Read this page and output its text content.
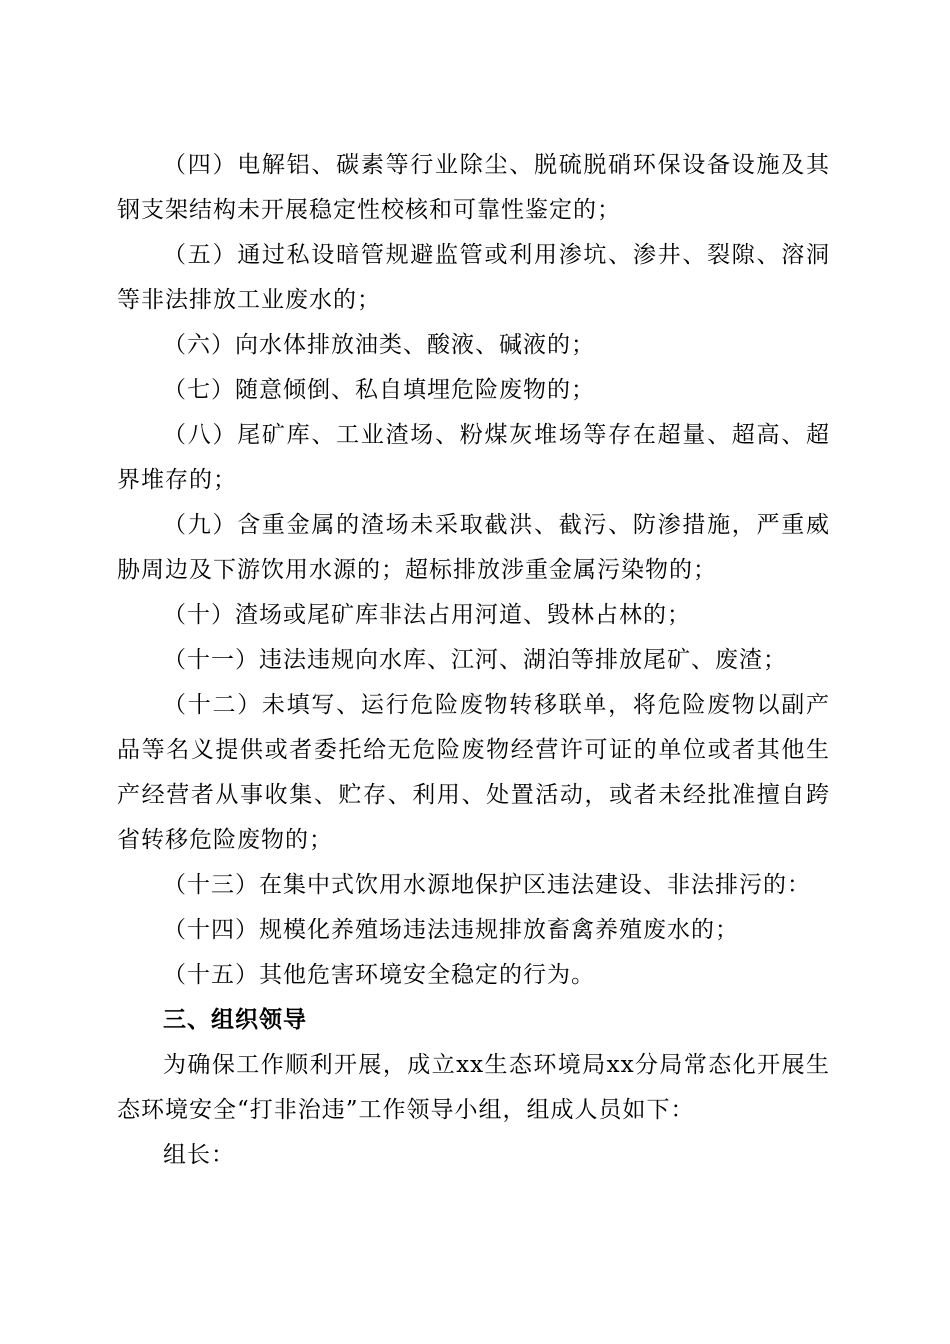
（四）电解铝、碳素等行业除尘、脱硫脱硝环保设备设施及其钢支架结构未开展稳定性校核和可靠性鉴定的；

（五）通过私设暗管规避监管或利用渗坑、渗井、裂隙、溶洞等非法排放工业废水的；

（六）向水体排放油类、酸液、碱液的；

（七）随意倾倒、私自填埋危险废物的；

（八）尾矿库、工业渣场、粉煤灰堆场等存在超量、超高、超界堆存的；

（九）含重金属的渣场未采取截洪、截污、防渗措施，严重威胁周边及下游饮用水源的；超标排放涉重金属污染物的；

（十）渣场或尾矿库非法占用河道、毁林占林的；

（十一）违法违规向水库、江河、湖泊等排放尾矿、废渣；

（十二）未填写、运行危险废物转移联单，将危险废物以副产品等名义提供或者委托给无危险废物经营许可证的单位或者其他生产经营者从事收集、贮存、利用、处置活动，或者未经批准擅自跨省转移危险废物的；

（十三）在集中式饮用水源地保护区违法建设、非法排污的：

（十四）规模化养殖场违法违规排放畜禽养殖废水的；

（十五）其他危害环境安全稳定的行为。

三、组织领导

为确保工作顺利开展，成立xx生态环境局xx分局常态化开展生态环境安全“打非治违”工作领导小组，组成人员如下：

组长：
